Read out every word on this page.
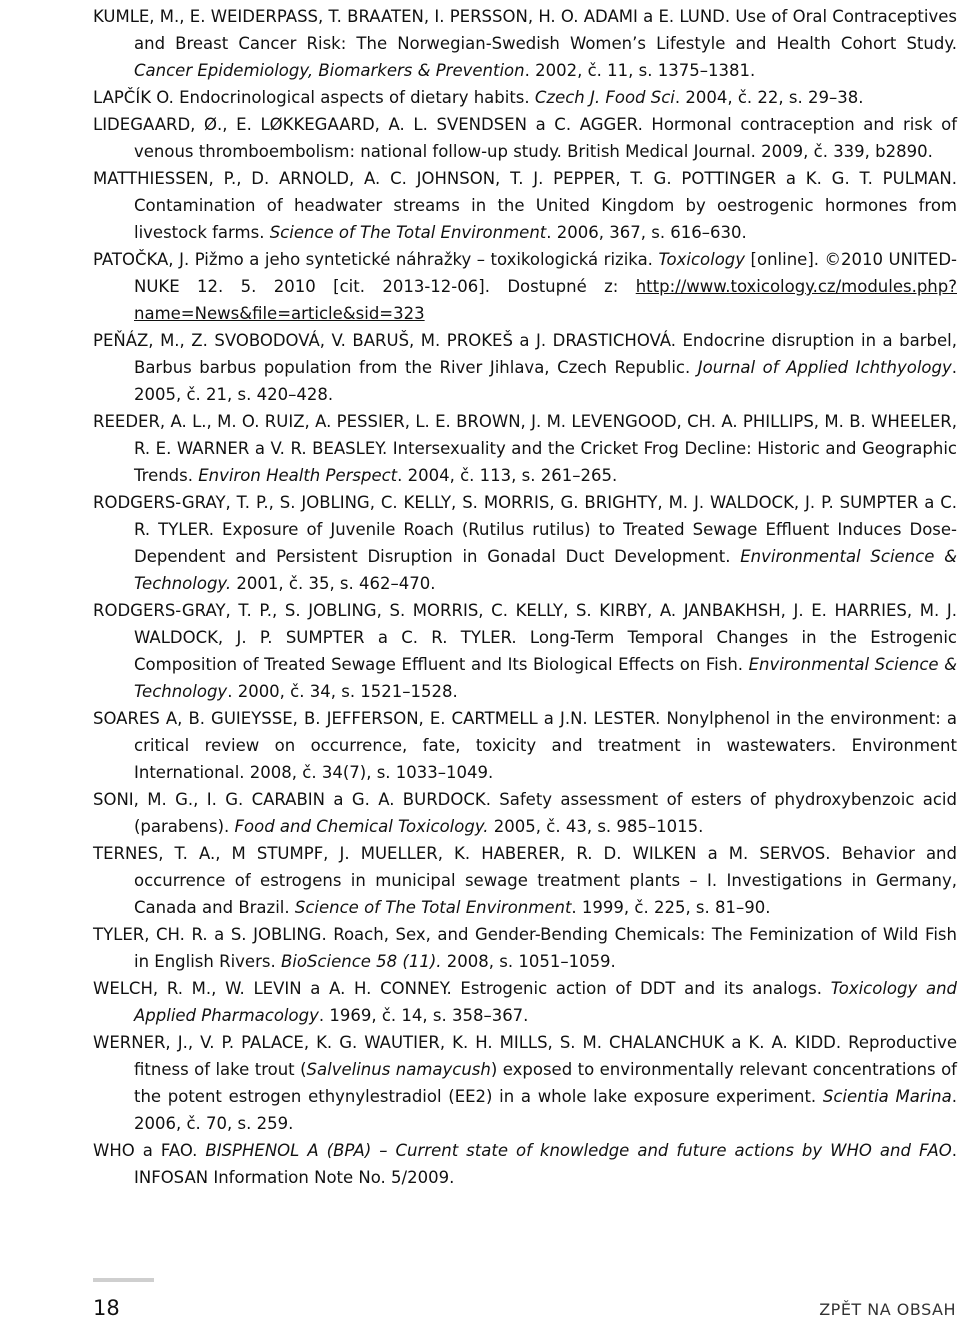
KUMLE, M., E. WEIDERPASS, T. BRAATEN, I. PERSSON, H. O. ADAMI a E. LUND. Use of Oral Contraceptives and Breast Cancer Risk: The Norwegian-Swedish Women’s Lifestyle and Health Cohort Study. Cancer Epidemiology, Biomarkers & Prevention. 2002, č. 11, s. 1375–1381.

LAPČÍK O. Endocrinological aspects of dietary habits. Czech J. Food Sci. 2004, č. 22, s. 29–38.

LIDEGAARD, Ø., E. LØKKEGAARD, A. L. SVENDSEN a C. AGGER. Hormonal contraception and risk of venous thromboembolism: national follow-up study. British Medical Journal. 2009, č. 339, b2890.

MATTHIESSEN, P., D. ARNOLD, A. C. JOHNSON, T. J. PEPPER, T. G. POTTINGER a K. G. T. PULMAN. Contamination of headwater streams in the United Kingdom by oestrogenic hormones from livestock farms. Science of The Total Environment. 2006, 367, s. 616–630.

PATOČKA, J. Pižmo a jeho syntetické náhražky – toxikologická rizika. Toxicology [online]. ©2010 UNITED-NUKE 12. 5. 2010 [cit. 2013-12-06]. Dostupné z: http://www.toxicology.cz/modules.php?name=News&file=article&sid=323

PEŇÁZ, M., Z. SVOBODOVÁ, V. BARUŠ, M. PROKEŠ a J. DRASTICHOVÁ. Endocrine disruption in a barbel, Barbus barbus population from the River Jihlava, Czech Republic. Journal of Applied Ichthyology. 2005, č. 21, s. 420–428.

REEDER, A. L., M. O. RUIZ, A. PESSIER, L. E. BROWN, J. M. LEVENGOOD, CH. A. PHILLIPS, M. B. WHEELER, R. E. WARNER a V. R. BEASLEY. Intersexuality and the Cricket Frog Decline: Historic and Geographic Trends. Environ Health Perspect. 2004, č. 113, s. 261–265.

RODGERS-GRAY, T. P., S. JOBLING, C. KELLY, S. MORRIS, G. BRIGHTY, M. J. WALDOCK, J. P. SUMPTER a C. R. TYLER. Exposure of Juvenile Roach (Rutilus rutilus) to Treated Sewage Effluent Induces Dose-Dependent and Persistent Disruption in Gonadal Duct Development. Environmental Science & Technology. 2001, č. 35, s. 462–470.

RODGERS-GRAY, T. P., S. JOBLING, S. MORRIS, C. KELLY, S. KIRBY, A. JANBAKHSH, J. E. HARRIES, M. J. WALDOCK, J. P. SUMPTER a C. R. TYLER. Long-Term Temporal Changes in the Estrogenic Composition of Treated Sewage Effluent and Its Biological Effects on Fish. Environmental Science & Technology. 2000, č. 34, s. 1521–1528.

SOARES A, B. GUIEYSSE, B. JEFFERSON, E. CARTMELL a J.N. LESTER. Nonylphenol in the environment: a critical review on occurrence, fate, toxicity and treatment in wastewaters. Environment International. 2008, č. 34(7), s. 1033–1049.

SONI, M. G., I. G. CARABIN a G. A. BURDOCK. Safety assessment of esters of phydroxybenzoic acid (parabens). Food and Chemical Toxicology. 2005, č. 43, s. 985–1015.

TERNES, T. A., M STUMPF, J. MUELLER, K. HABERER, R. D. WILKEN a M. SERVOS. Behavior and occurrence of estrogens in municipal sewage treatment plants – I. Investigations in Germany, Canada and Brazil. Science of The Total Environment. 1999, č. 225, s. 81–90.

TYLER, CH. R. a S. JOBLING. Roach, Sex, and Gender-Bending Chemicals: The Feminization of Wild Fish in English Rivers. BioScience 58 (11). 2008, s. 1051–1059.

WELCH, R. M., W. LEVIN a A. H. CONNEY. Estrogenic action of DDT and its analogs. Toxicology and Applied Pharmacology. 1969, č. 14, s. 358–367.

WERNER, J., V. P. PALACE, K. G. WAUTIER, K. H. MILLS, S. M. CHALANCHUK a K. A. KIDD. Reproductive fitness of lake trout (Salvelinus namaycush) exposed to environmentally relevant concentrations of the potent estrogen ethynylestradiol (EE2) in a whole lake exposure experiment. Scientia Marina. 2006, č. 70, s. 259.

WHO a FAO. BISPHENOL A (BPA) – Current state of knowledge and future actions by WHO and FAO. INFOSAN Information Note No. 5/2009.

18	ZPĚT NA OBSAH
